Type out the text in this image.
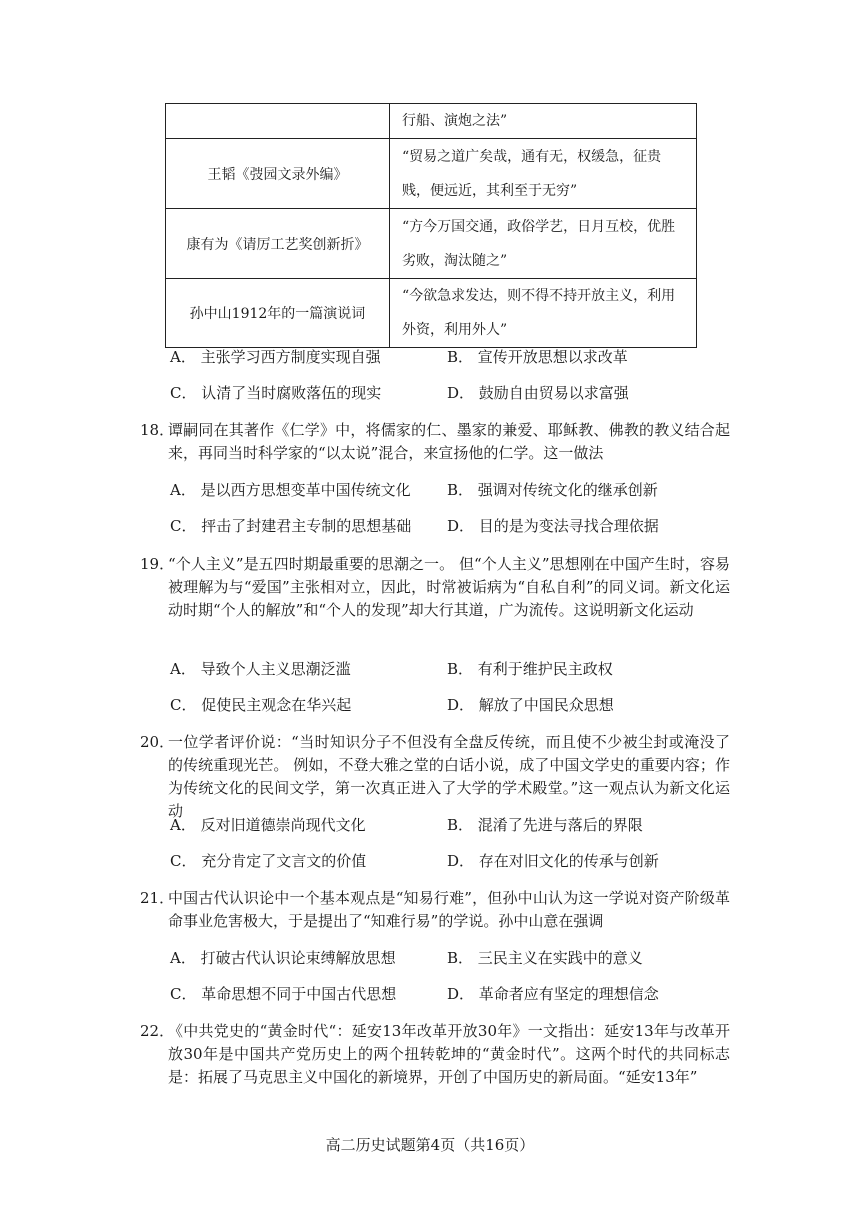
	行船、演炮之法”
王韬《弢园文录外编》	“贸易之道广矣哉，通有无，权缓急，征贵贱，便远近，其利至于无穷”
康有为《请厉工艺奖创新折》	“方今万国交通，政俗学艺，日月互校，优胜劣败，淘汰随之”
孙中山1912年的一篇演说词	“今欲急求发达，则不得不持开放主义，利用外资，利用外人”
A． 主张学习西方制度实现自强	B． 宣传开放思想以求改革
C． 认清了当时腐败落伍的现实	D． 鼓励自由贸易以求富强
18．
谭嗣同在其著作《仁学》中，将儒家的仁、墨家的兼爱、耶稣教、佛教的教义结合起来，再同当时科学家的“以太说”混合，来宣扬他的仁学。这一做法
A． 是以西方思想变革中国传统文化 B． 强调对传统文化的继承创新
C． 抨击了封建君主专制的思想基础 D． 目的是为变法寻找合理依据
19．
“个人主义”是五四时期最重要的思潮之一。 但“个人主义”思想刚在中国产生时，容易被理解为与“爱国”主张相对立，因此，时常被诟病为“自私自利”的同义词。新文化运动时期“个人的解放”和“个人的发现”却大行其道，广为流传。这说明新文化运动
A． 导致个人主义思潮泛滥	B． 有利于维护民主政权
C． 促使民主观念在华兴起	D． 解放了中国民众思想
20．
一位学者评价说：“当时知识分子不但没有全盘反传统，而且使不少被尘封或淹没了的传统重现光芒。 例如，不登大雅之堂的白话小说，成了中国文学史的重要内容；作为传统文化的民间文学，第一次真正进入了大学的学术殿堂。”这一观点认为新文化运动
A． 反对旧道德崇尚现代文化	B． 混淆了先进与落后的界限
C． 充分肯定了文言文的价值	D． 存在对旧文化的传承与创新
21．
中国古代认识论中一个基本观点是“知易行难”，但孙中山认为这一学说对资产阶级革命事业危害极大，于是提出了“知难行易”的学说。孙中山意在强调
A． 打破古代认识论束缚解放思想	B． 三民主义在实践中的意义
C． 革命思想不同于中国古代思想	D． 革命者应有坚定的理想信念
22．
《中共党史的“黄金时代“：延安13年改革开放30年》一文指出：延安13年与改革开放30年是中国共产党历史上的两个扭转乾坤的“黄金时代”。这两个时代的共同标志是：拓展了马克思主义中国化的新境界，开创了中国历史的新局面。“延安13年”
高二历史试题第4页（共16页）
